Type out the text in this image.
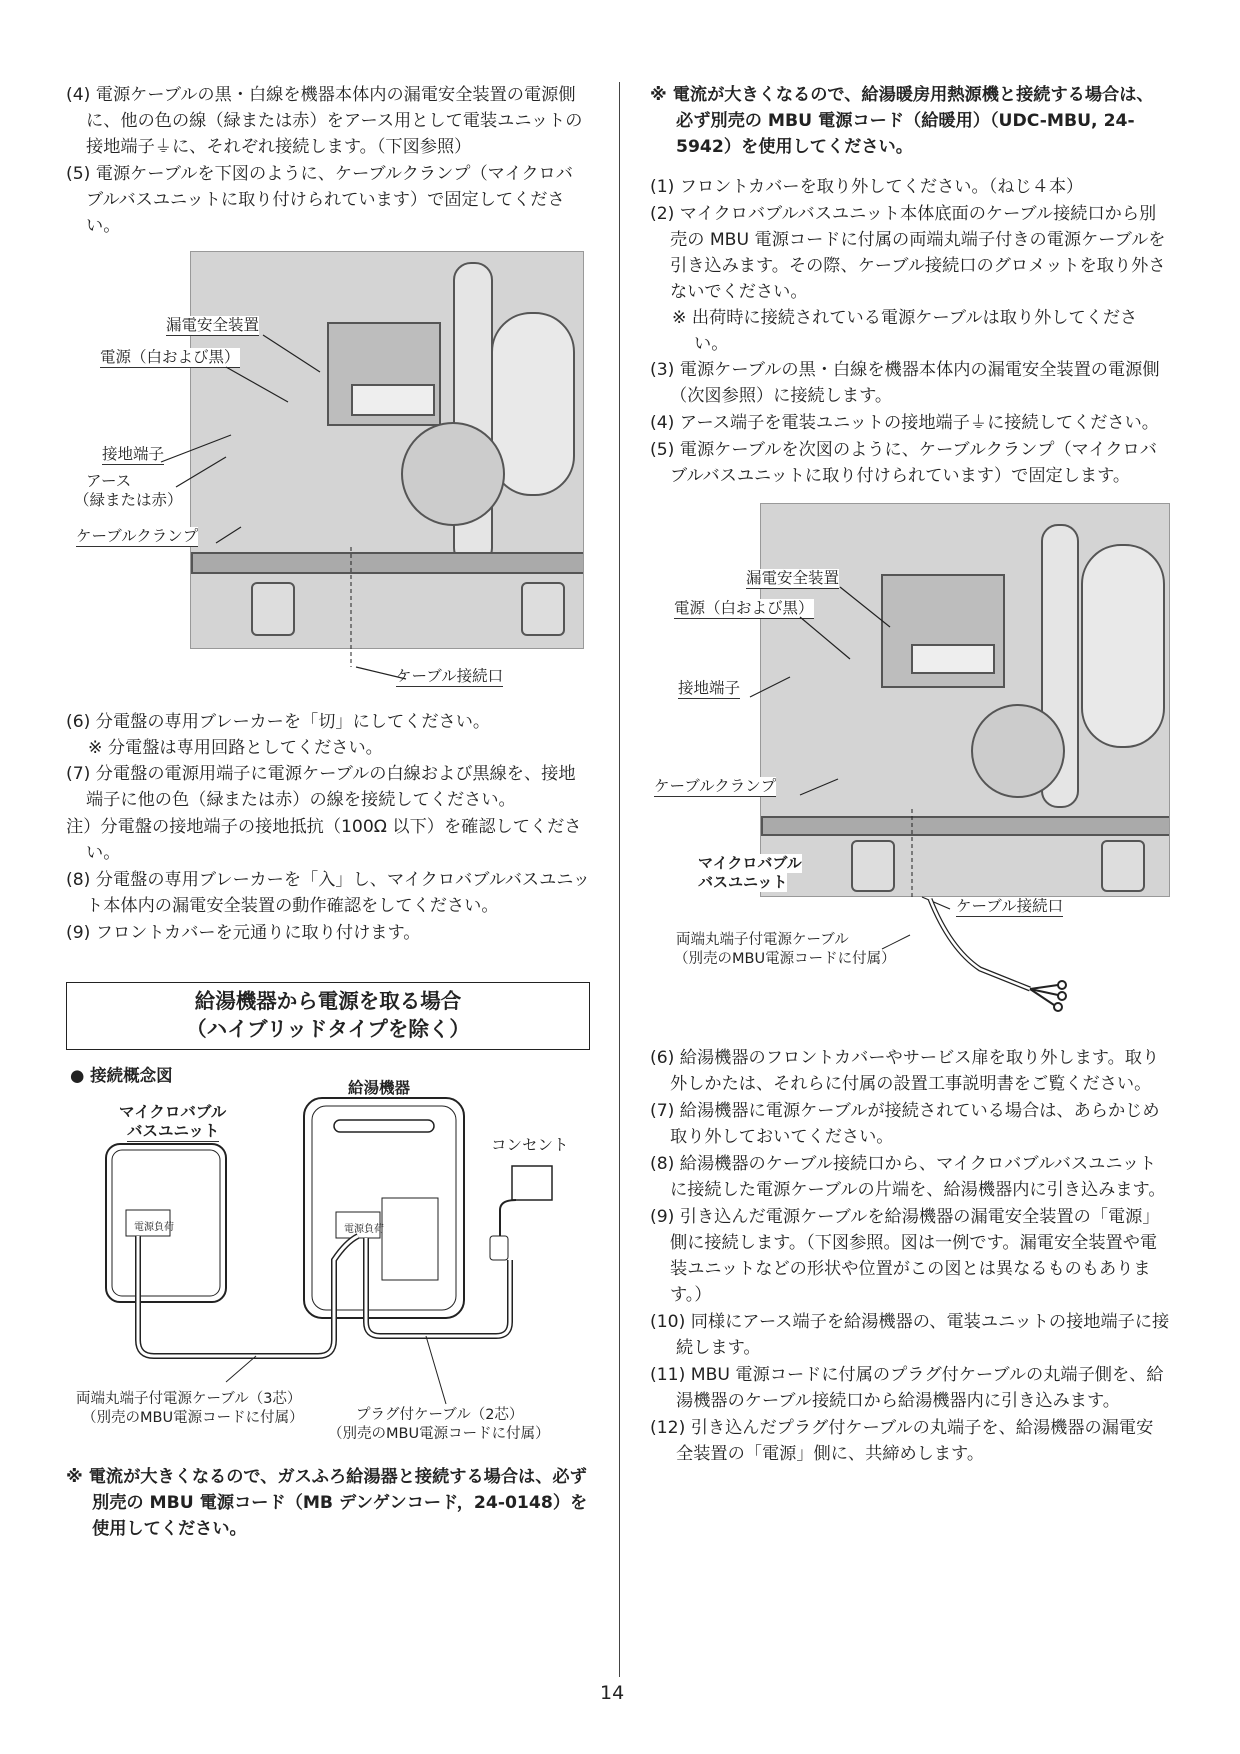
(4) 電源ケーブルの黒・白線を機器本体内の漏電安全装置の電源側に、他の色の線（緑または赤）をアース用として電装ユニットの接地端子⏚に、それぞれ接続します。（下図参照）

(5) 電源ケーブルを下図のように、ケーブルクランプ（マイクロバブルバスユニットに取り付けられています）で固定してください。

漏電安全装置
電源（白および黒）
接地端子
アース
（緑または赤）
ケーブルクランプ
ケーブル接続口

(6) 分電盤の専用ブレーカーを「切」にしてください。

※ 分電盤は専用回路としてください。

(7) 分電盤の電源用端子に電源ケーブルの白線および黒線を、接地端子に他の色（緑または赤）の線を接続してください。

注）分電盤の接地端子の接地抵抗（100Ω 以下）を確認してください。

(8) 分電盤の専用ブレーカーを「入」し、マイクロバブルバスユニット本体内の漏電安全装置の動作確認をしてください。

(9) フロントカバーを元通りに取り付けます。

給湯機器から電源を取る場合
（ハイブリッドタイプを除く）
● 接続概念図
給湯機器
マイクロバブル
バスユニット
コンセント
電源 負荷	電源 負荷
両端丸端子付電源ケーブル（3芯）
（別売のMBU電源コードに付属）	プラグ付ケーブル（2芯）
（別売のMBU電源コードに付属）

※ 電流が大きくなるので、ガスふろ給湯器と接続する場合は、必ず別売の MBU 電源コード（MB デンゲンコード，24-0148）を使用してください。

※ 電流が大きくなるので、給湯暖房用熱源機と接続する場合は、必ず別売の MBU 電源コード（給暖用）（UDC-MBU, 24-5942）を使用してください。

(1) フロントカバーを取り外してください。（ねじ４本）

(2) マイクロバブルバスユニット本体底面のケーブル接続口から別売の MBU 電源コードに付属の両端丸端子付きの電源ケーブルを引き込みます。その際、ケーブル接続口のグロメットを取り外さないでください。

※ 出荷時に接続されている電源ケーブルは取り外してください。

(3) 電源ケーブルの黒・白線を機器本体内の漏電安全装置の電源側（次図参照）に接続します。

(4) アース端子を電装ユニットの接地端子⏚に接続してください。

(5) 電源ケーブルを次図のように、ケーブルクランプ（マイクロバブルバスユニットに取り付けられています）で固定します。

漏電安全装置
電源（白および黒）
接地端子
ケーブルクランプ
マイクロバブル
バスユニット
ケーブル接続口
両端丸端子付電源ケーブル
（別売のMBU電源コードに付属）

(6) 給湯機器のフロントカバーやサービス扉を取り外します。取り外しかたは、それらに付属の設置工事説明書をご覧ください。

(7) 給湯機器に電源ケーブルが接続されている場合は、あらかじめ取り外しておいてください。

(8) 給湯機器のケーブル接続口から、マイクロバブルバスユニットに接続した電源ケーブルの片端を、給湯機器内に引き込みます。

(9) 引き込んだ電源ケーブルを給湯機器の漏電安全装置の「電源」側に接続します。（下図参照。図は一例です。漏電安全装置や電装ユニットなどの形状や位置がこの図とは異なるものもあります。）

(10) 同様にアース端子を給湯機器の、電装ユニットの接地端子に接続します。

(11) MBU 電源コードに付属のプラグ付ケーブルの丸端子側を、給湯機器のケーブル接続口から給湯機器内に引き込みます。

(12) 引き込んだプラグ付ケーブルの丸端子を、給湯機器の漏電安全装置の「電源」側に、共締めします。

14
